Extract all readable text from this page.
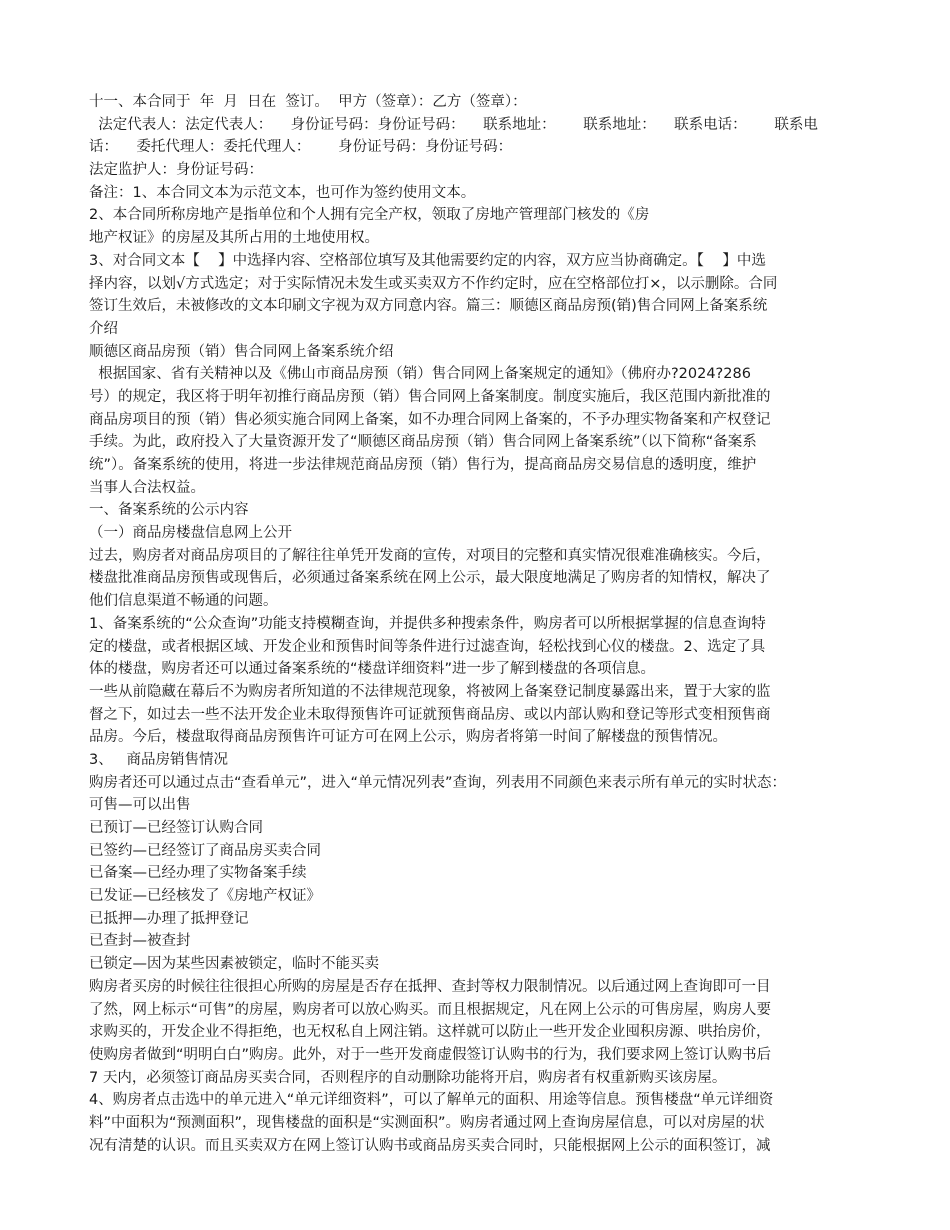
十一、本合同于  年  月  日在  签订。  甲方（签章）：乙方（签章）：
法定代表人：法定代表人：    身份证号码：身份证号码：    联系地址：      联系地址：    联系电话：      联系电
话：    委托代理人：委托代理人：      身份证号码：身份证号码：
法定监护人：身份证号码：
备注：1、本合同文本为示范文本，也可作为签约使用文本。
2、本合同所称房地产是指单位和个人拥有完全产权，领取了房地产管理部门核发的《房
地产权证》的房屋及其所占用的土地使用权。
3、对合同文本【    】中选择内容、空格部位填写及其他需要约定的内容，双方应当协商确定。【    】中选
择内容，以划√方式选定；对于实际情况未发生或买卖双方不作约定时，应在空格部位打×，以示删除。合同
签订生效后，未被修改的文本印刷文字视为双方同意内容。篇三：顺德区商品房预(销)售合同网上备案系统
介绍
顺德区商品房预（销）售合同网上备案系统介绍
根据国家、省有关精神以及《佛山市商品房预（销）售合同网上备案规定的通知》（佛府办?2024?286
号）的规定，我区将于明年初推行商品房预（销）售合同网上备案制度。制度实施后，我区范围内新批准的
商品房项目的预（销）售必须实施合同网上备案，如不办理合同网上备案的，不予办理实物备案和产权登记
手续。为此，政府投入了大量资源开发了“顺德区商品房预（销）售合同网上备案系统”（以下简称“备案系
统”）。备案系统的使用，将进一步法律规范商品房预（销）售行为，提高商品房交易信息的透明度，维护
当事人合法权益。
一、备案系统的公示内容
（一）商品房楼盘信息网上公开
过去，购房者对商品房项目的了解往往单凭开发商的宣传，对项目的完整和真实情况很难准确核实。今后，
楼盘批准商品房预售或现售后，必须通过备案系统在网上公示，最大限度地满足了购房者的知情权，解决了
他们信息渠道不畅通的问题。
1、备案系统的“公众查询”功能支持模糊查询，并提供多种搜索条件，购房者可以所根据掌握的信息查询特
定的楼盘，或者根据区域、开发企业和预售时间等条件进行过滤查询，轻松找到心仪的楼盘。2、选定了具
体的楼盘，购房者还可以通过备案系统的“楼盘详细资料”进一步了解到楼盘的各项信息。
一些从前隐藏在幕后不为购房者所知道的不法律规范现象，将被网上备案登记制度暴露出来，置于大家的监
督之下，如过去一些不法开发企业未取得预售许可证就预售商品房、或以内部认购和登记等形式变相预售商
品房。今后，楼盘取得商品房预售许可证方可在网上公示，购房者将第一时间了解楼盘的预售情况。
3、   商品房销售情况
购房者还可以通过点击“查看单元”，进入“单元情况列表”查询，列表用不同颜色来表示所有单元的实时状态：
可售—可以出售
已预订—已经签订认购合同
已签约—已经签订了商品房买卖合同
已备案—已经办理了实物备案手续
已发证—已经核发了《房地产权证》
已抵押—办理了抵押登记
已查封—被查封
已锁定—因为某些因素被锁定，临时不能买卖
购房者买房的时候往往很担心所购的房屋是否存在抵押、查封等权力限制情况。以后通过网上查询即可一目
了然，网上标示“可售”的房屋，购房者可以放心购买。而且根据规定，凡在网上公示的可售房屋，购房人要
求购买的，开发企业不得拒绝，也无权私自上网注销。这样就可以防止一些开发企业囤积房源、哄抬房价，
使购房者做到“明明白白”购房。此外，对于一些开发商虚假签订认购书的行为，我们要求网上签订认购书后
7 天内，必须签订商品房买卖合同，否则程序的自动删除功能将开启，购房者有权重新购买该房屋。
4、购房者点击选中的单元进入“单元详细资料”，可以了解单元的面积、用途等信息。预售楼盘“单元详细资
料”中面积为“预测面积”，现售楼盘的面积是“实测面积”。购房者通过网上查询房屋信息，可以对房屋的状
况有清楚的认识。而且买卖双方在网上签订认购书或商品房买卖合同时，只能根据网上公示的面积签订，减
